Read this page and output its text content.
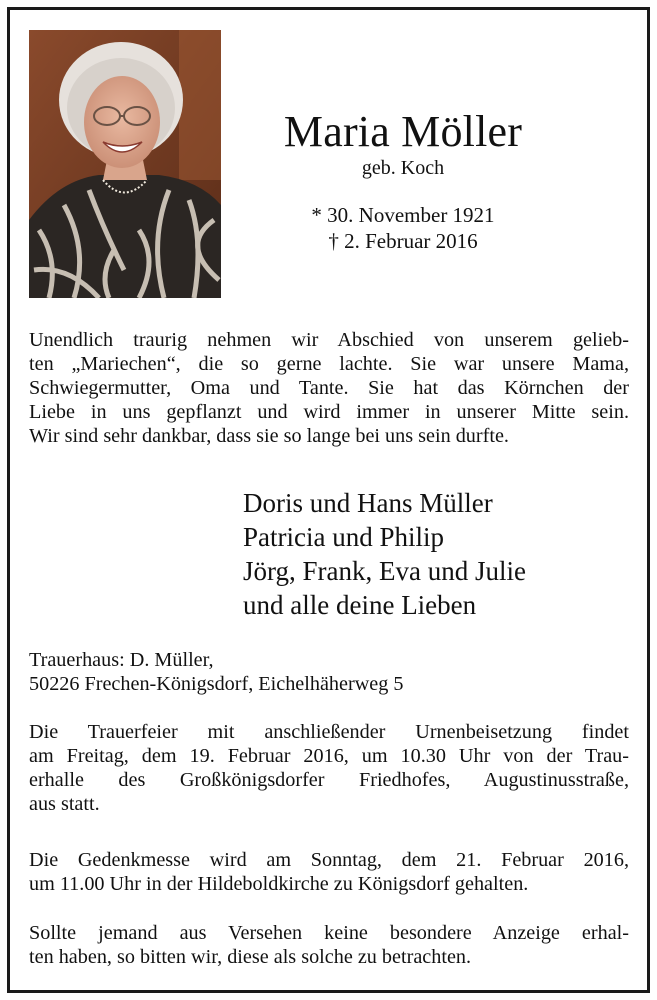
Maria Möller
geb. Koch
* 30. November 1921
† 2. Februar 2016
Unendlich traurig nehmen wir Abschied von unserem gelieb-
ten „Mariechen“, die so gerne lachte. Sie war unsere Mama,
Schwiegermutter, Oma und Tante. Sie hat das Körnchen der
Liebe in uns gepflanzt und wird immer in unserer Mitte sein.
Wir sind sehr dankbar, dass sie so lange bei uns sein durfte.
Doris und Hans Müller
Patricia und Philip
Jörg, Frank, Eva und Julie
und alle deine Lieben
Trauerhaus: D. Müller,
50226 Frechen-Königsdorf, Eichelhäherweg 5
Die Trauerfeier mit anschließender Urnenbeisetzung findet
am Freitag, dem 19. Februar 2016, um 10.30 Uhr von der Trau-
erhalle des Großkönigsdorfer Friedhofes, Augustinusstraße,
aus statt.
Die Gedenkmesse wird am Sonntag, dem 21. Februar 2016,
um 11.00 Uhr in der Hildeboldkirche zu Königsdorf gehalten.
Sollte jemand aus Versehen keine besondere Anzeige erhal-
ten haben, so bitten wir, diese als solche zu betrachten.
